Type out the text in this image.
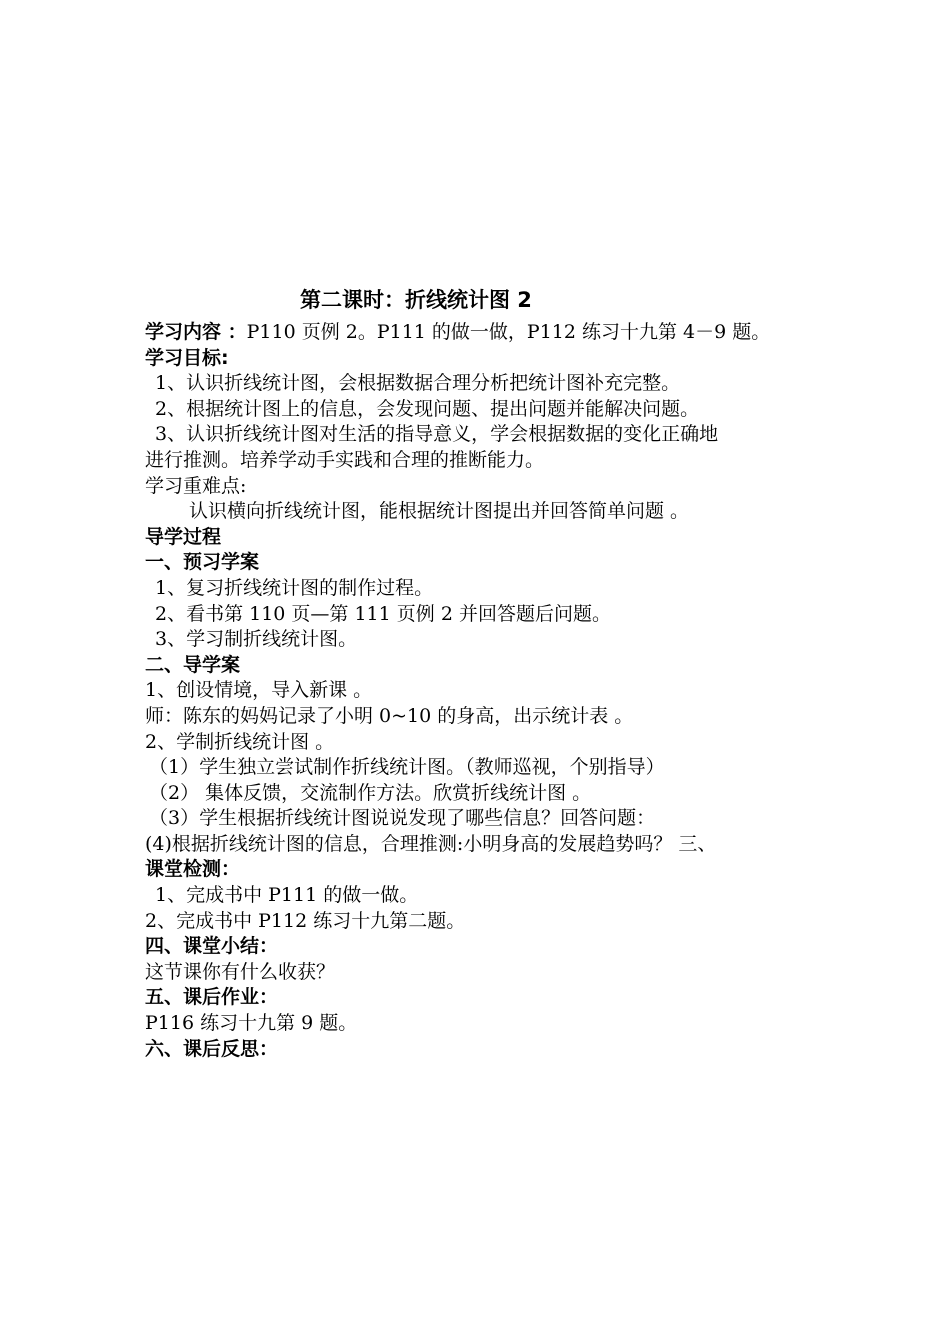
第二课时：折线统计图 2
学习内容 ：P110 页例 2。P111 的做一做，P112 练习十九第 4－9 题。
学习目标:
1、认识折线统计图，会根据数据合理分析把统计图补充完整。
2、根据统计图上的信息，会发现问题、提出问题并能解决问题。
3、认识折线统计图对生活的指导意义，学会根据数据的变化正确地
进行推测。培养学动手实践和合理的推断能力。
学习重难点:
认识横向折线统计图，能根据统计图提出并回答简单问题 。
导学过程
一、预习学案
1、复习折线统计图的制作过程。
2、看书第 110 页—第 111 页例 2 并回答题后问题。
3、学习制折线统计图。
二、导学案
1、创设情境，导入新课 。
师：陈东的妈妈记录了小明 0~10 的身高，出示统计表 。
2、学制折线统计图 。
（1）学生独立尝试制作折线统计图。（教师巡视，个别指导）
（2） 集体反馈，交流制作方法。欣赏折线统计图 。
（3）学生根据折线统计图说说发现了哪些信息？回答问题：
(4)根据折线统计图的信息，合理推测:小明身高的发展趋势吗？ 三、
课堂检测：
1、完成书中 P111 的做一做。
2、完成书中 P112 练习十九第二题。
四、课堂小结：
这节课你有什么收获？
五、课后作业：
P116 练习十九第 9 题。
六、课后反思：
